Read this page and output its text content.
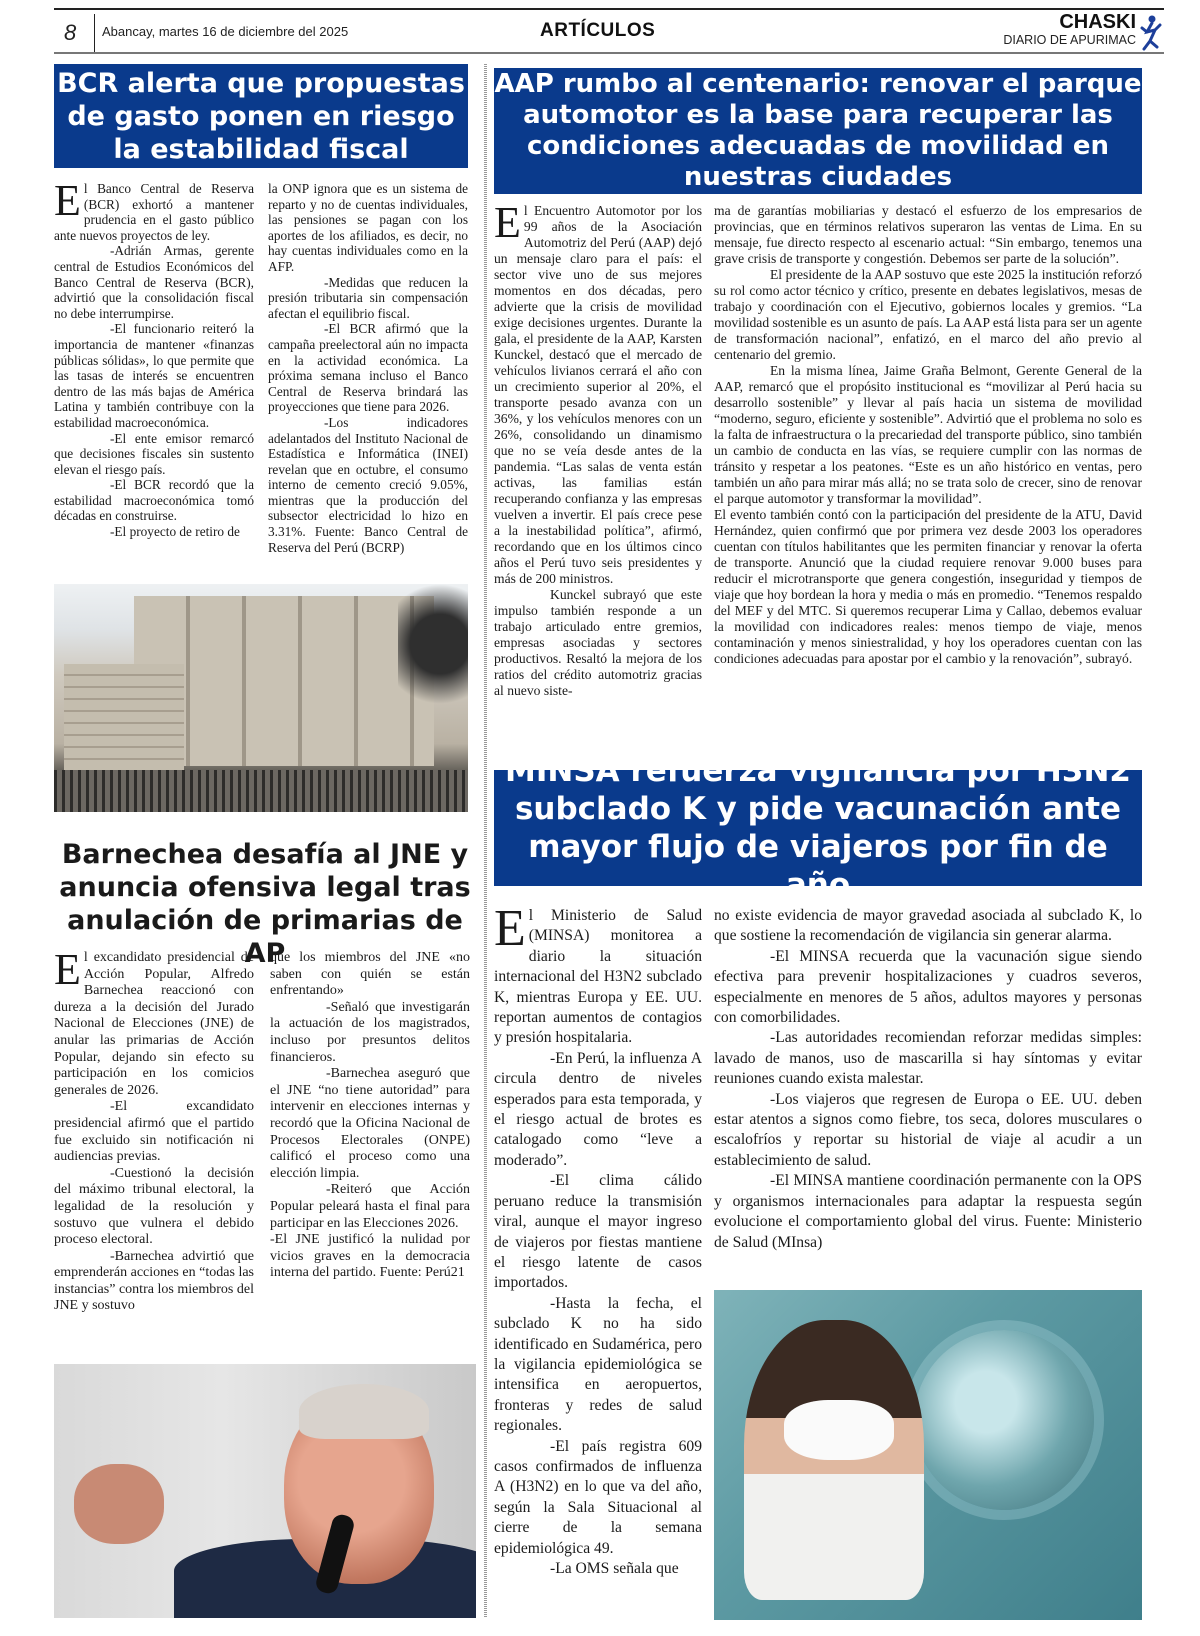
8 Abancay, martes 16 de diciembre del 2025	ARTÍCULOS	CHASKI
DIARIO DE APURIMAC
BCR alerta que propuestas
de gasto ponen en riesgo
la estabilidad fiscal

El Banco Central de Reserva (BCR) exhortó a mantener prudencia en el gasto público ante nuevos proyectos de ley.

-Adrián Armas, gerente central de Estudios Económicos del Banco Central de Reserva (BCR), advirtió que la consolidación fiscal no debe interrumpirse.

-El funcionario reiteró la importancia de mantener «finanzas públicas sólidas», lo que permite que las tasas de interés se encuentren dentro de las más bajas de América Latina y también contribuye con la estabilidad macroeconómica.

-El ente emisor remarcó que decisiones fiscales sin sustento elevan el riesgo país.

-El BCR recordó que la estabilidad macroeconómica tomó décadas en construirse.

-El proyecto de retiro de

la ONP ignora que es un sistema de reparto y no de cuentas individuales, las pensiones se pagan con los aportes de los afiliados, es decir, no hay cuentas individuales como en la AFP.

-Medidas que reducen la presión tributaria sin compensación afectan el equilibrio fiscal.

-El BCR afirmó que la campaña preelectoral aún no impacta en la actividad económica. La próxima semana incluso el Banco Central de Reserva brindará las proyecciones que tiene para 2026.

-Los indicadores adelantados del Instituto Nacional de Estadística e Informática (INEI) revelan que en octubre, el consumo interno de cemento creció 9.05%, mientras que la producción del subsector electricidad lo hizo en 3.31%. Fuente: Banco Central de Reserva del Perú (BCRP)

Barnechea desafía al JNE y
anuncia ofensiva legal tras
anulación de primarias de AP

El excandidato presidencial de Acción Popular, Alfredo Barnechea reaccionó con dureza a la decisión del Jurado Nacional de Elecciones (JNE) de anular las primarias de Acción Popular, dejando sin efecto su participación en los comicios generales de 2026.

-El excandidato presidencial afirmó que el partido fue excluido sin notificación ni audiencias previas.

-Cuestionó la decisión del máximo tribunal electoral, la legalidad de la resolución y sostuvo que vulnera el debido proceso electoral.

-Barnechea advirtió que emprenderán acciones en “todas las instancias” contra los miembros del JNE y sostuvo

que los miembros del JNE «no saben con quién se están enfrentando»

-Señaló que investigarán la actuación de los magistrados, incluso por presuntos delitos financieros.

-Barnechea aseguró que el JNE “no tiene autoridad” para intervenir en elecciones internas y recordó que la Oficina Nacional de Procesos Electorales (ONPE) calificó el proceso como una elección limpia.

-Reiteró que Acción Popular peleará hasta el final para participar en las Elecciones 2026.

-El JNE justificó la nulidad por vicios graves en la democracia interna del partido. Fuente: Perú21

AAP rumbo al centenario: renovar el parque
automotor es la base para recuperar las
condiciones adecuadas de movilidad en
nuestras ciudades

El Encuentro Automotor por los 99 años de la Asociación Automotriz del Perú (AAP) dejó un mensaje claro para el país: el sector vive uno de sus mejores momentos en dos décadas, pero advierte que la crisis de movilidad exige decisiones urgentes. Durante la gala, el presidente de la AAP, Karsten Kunckel, destacó que el mercado de vehículos livianos cerrará el año con un crecimiento superior al 20%, el transporte pesado avanza con un 36%, y los vehículos menores con un 26%, consolidando un dinamismo que no se veía desde antes de la pandemia. “Las salas de venta están activas, las familias están recuperando confianza y las empresas vuelven a invertir. El país crece pese a la inestabilidad política”, afirmó, recordando que en los últimos cinco años el Perú tuvo seis presidentes y más de 200 ministros.

Kunckel subrayó que este impulso también responde a un trabajo articulado entre gremios, empresas asociadas y sectores productivos. Resaltó la mejora de los ratios del crédito automotriz gracias al nuevo siste-

ma de garantías mobiliarias y destacó el esfuerzo de los empresarios de provincias, que en términos relativos superaron las ventas de Lima. En su mensaje, fue directo respecto al escenario actual: “Sin embargo, tenemos una grave crisis de transporte y congestión. Debemos ser parte de la solución”.

El presidente de la AAP sostuvo que este 2025 la institución reforzó su rol como actor técnico y crítico, presente en debates legislativos, mesas de trabajo y coordinación con el Ejecutivo, gobiernos locales y gremios. “La movilidad sostenible es un asunto de país. La AAP está lista para ser un agente de transformación nacional”, enfatizó, en el marco del año previo al centenario del gremio.

En la misma línea, Jaime Graña Belmont, Gerente General de la AAP, remarcó que el propósito institucional es “movilizar al Perú hacia su desarrollo sostenible” y llevar al país hacia un sistema de movilidad “moderno, seguro, eficiente y sostenible”. Advirtió que el problema no solo es la falta de infraestructura o la precariedad del transporte público, sino también un cambio de conducta en las vías, se requiere cumplir con las normas de tránsito y respetar a los peatones. “Este es un año histórico en ventas, pero también un año para mirar más allá; no se trata solo de crecer, sino de renovar el parque automotor y transformar la movilidad”.

El evento también contó con la participación del presidente de la ATU, David Hernández, quien confirmó que por primera vez desde 2003 los operadores cuentan con títulos habilitantes que les permiten financiar y renovar la oferta de transporte. Anunció que la ciudad requiere renovar 9.000 buses para reducir el microtransporte que genera congestión, inseguridad y tiempos de viaje que hoy bordean la hora y media o más en promedio. “Tenemos respaldo del MEF y del MTC. Si queremos recuperar Lima y Callao, debemos evaluar la movilidad con indicadores reales: menos tiempo de viaje, menos contaminación y menos siniestralidad, y hoy los operadores cuentan con las condiciones adecuadas para apostar por el cambio y la renovación”, subrayó.

MINSA refuerza vigilancia por H3N2
subclado K y pide vacunación ante
mayor flujo de viajeros por fin de año

El Ministerio de Salud (MINSA) monitorea a diario la situación internacional del H3N2 subclado K, mientras Europa y EE. UU. reportan aumentos de contagios y presión hospitalaria.

-En Perú, la influenza A circula dentro de niveles esperados para esta temporada, y el riesgo actual de brotes es catalogado como “leve a moderado”.

-El clima cálido peruano reduce la transmisión viral, aunque el mayor ingreso de viajeros por fiestas mantiene el riesgo latente de casos importados.

-Hasta la fecha, el subclado K no ha sido identificado en Sudamérica, pero la vigilancia epidemiológica se intensifica en aeropuertos, fronteras y redes de salud regionales.

-El país registra 609 casos confirmados de influenza A (H3N2) en lo que va del año, según la Sala Situacional al cierre de la semana epidemiológica 49.

-La OMS señala que

no existe evidencia de mayor gravedad asociada al subclado K, lo que sostiene la recomendación de vigilancia sin generar alarma.

-El MINSA recuerda que la vacunación sigue siendo efectiva para prevenir hospitalizaciones y cuadros severos, especialmente en menores de 5 años, adultos mayores y personas con comorbilidades.

-Las autoridades recomiendan reforzar medidas simples: lavado de manos, uso de mascarilla si hay síntomas y evitar reuniones cuando exista malestar.

-Los viajeros que regresen de Europa o EE. UU. deben estar atentos a signos como fiebre, tos seca, dolores musculares o escalofríos y reportar su historial de viaje al acudir a un establecimiento de salud.

-El MINSA mantiene coordinación permanente con la OPS y organismos internacionales para adaptar la respuesta según evolucione el comportamiento global del virus. Fuente: Ministerio de Salud (MInsa)
